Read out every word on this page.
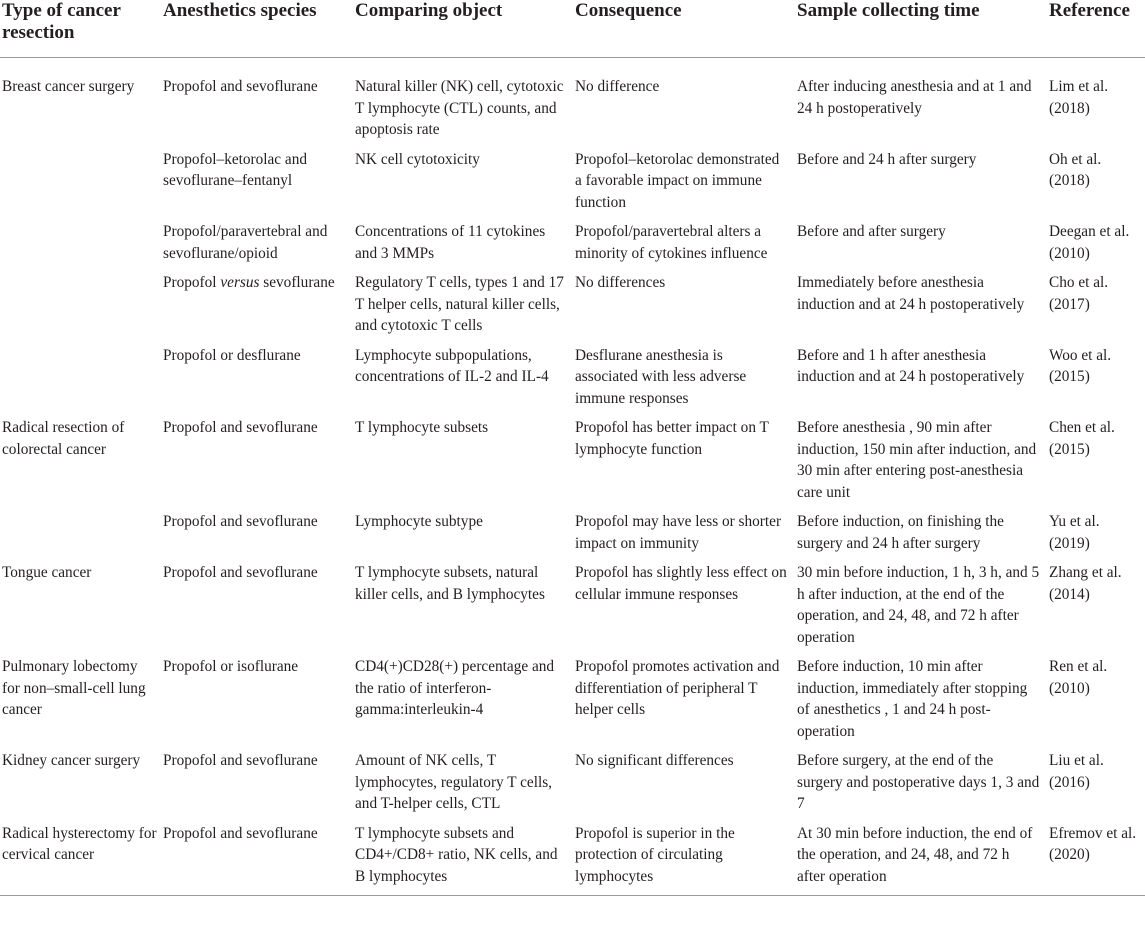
Type of cancer resection	Anesthetics species	Comparing object	Consequence	Sample collecting time	Reference
Breast cancer surgery	Propofol and sevoflurane	Natural killer (NK) cell, cytotoxic T lymphocyte (CTL) counts, and apoptosis rate	No difference	After inducing anesthesia and at 1 and 24 h postoperatively	Lim et al. (2018)
	Propofol–ketorolac and sevoflurane–fentanyl	NK cell cytotoxicity	Propofol–ketorolac demonstrated a favorable impact on immune function	Before and 24 h after surgery	Oh et al. (2018)
	Propofol/paravertebral and sevoflurane/opioid	Concentrations of 11 cytokines and 3 MMPs	Propofol/paravertebral alters a minority of cytokines influence	Before and after surgery	Deegan et al. (2010)
	Propofol versus sevoflurane	Regulatory T cells, types 1 and 17 T helper cells, natural killer cells, and cytotoxic T cells	No differences	Immediately before anesthesia induction and at 24 h postoperatively	Cho et al. (2017)
	Propofol or desflurane	Lymphocyte subpopulations, concentrations of IL-2 and IL-4	Desflurane anesthesia is associated with less adverse immune responses	Before and 1 h after anesthesia induction and at 24 h postoperatively	Woo et al. (2015)
Radical resection of colorectal cancer	Propofol and sevoflurane	T lymphocyte subsets	Propofol has better impact on T lymphocyte function	Before anesthesia , 90 min after induction, 150 min after induction, and 30 min after entering post-anesthesia care unit	Chen et al. (2015)
	Propofol and sevoflurane	Lymphocyte subtype	Propofol may have less or shorter impact on immunity	Before induction, on finishing the surgery and 24 h after surgery	Yu et al. (2019)
Tongue cancer	Propofol and sevoflurane	T lymphocyte subsets, natural killer cells, and B lymphocytes	Propofol has slightly less effect on cellular immune responses	30 min before induction, 1 h, 3 h, and 5 h after induction, at the end of the operation, and 24, 48, and 72 h after operation	Zhang et al. (2014)
Pulmonary lobectomy for non–small-cell lung cancer	Propofol or isoflurane	CD4(+)CD28(+) percentage and the ratio of interferon-gamma:interleukin-4	Propofol promotes activation and differentiation of peripheral T helper cells	Before induction, 10 min after induction, immediately after stopping of anesthetics , 1 and 24 h post-operation	Ren et al. (2010)
Kidney cancer surgery	Propofol and sevoflurane	Amount of NK cells, T lymphocytes, regulatory T cells, and T-helper cells, CTL	No significant differences	Before surgery, at the end of the surgery and postoperative days 1, 3 and 7	Liu et al. (2016)
Radical hysterectomy for cervical cancer	Propofol and sevoflurane	T lymphocyte subsets and CD4+/CD8+ ratio, NK cells, and B lymphocytes	Propofol is superior in the protection of circulating lymphocytes	At 30 min before induction, the end of the operation, and 24, 48, and 72 h after operation	Efremov et al. (2020)
